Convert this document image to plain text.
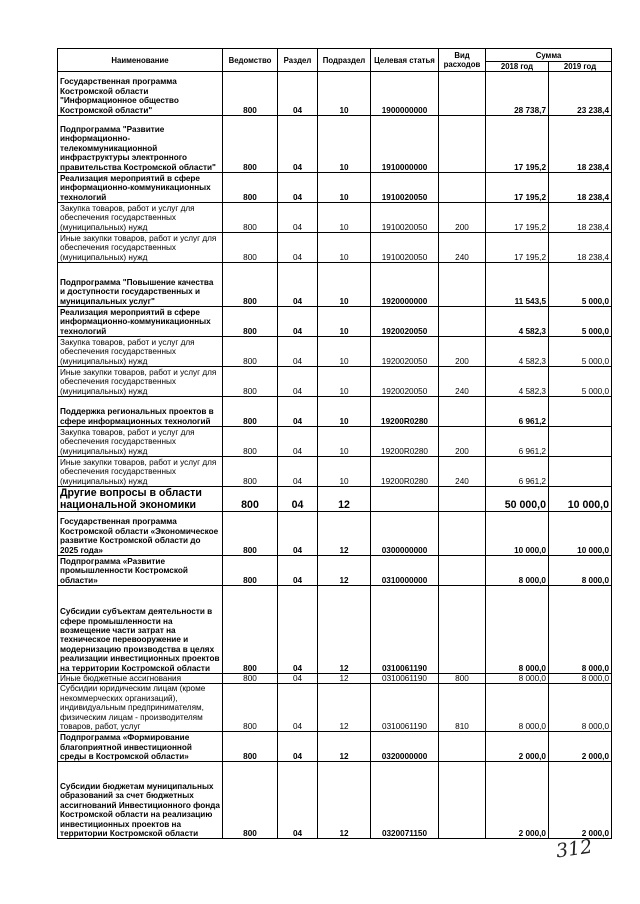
Наименование	Ведомство	Раздел	Подраздел	Целевая статья	Вид расходов	Сумма	
						2018 год	2019 год
Государственная программа Костромской области "Информационное общество Костромской области"	800	04	10	1900000000		28 738,7	23 238,4
Подпрограмма "Развитие информационно-телекоммуникационной инфраструктуры электронного правительства Костромской области"	800	04	10	1910000000		17 195,2	18 238,4
Реализация мероприятий в сфере информационно-коммуникационных технологий	800	04	10	1910020050		17 195,2	18 238,4
Закупка товаров, работ и услуг для обеспечения государственных (муниципальных) нужд	800	04	10	1910020050	200	17 195,2	18 238,4
Иные закупки товаров, работ и услуг для обеспечения государственных (муниципальных) нужд	800	04	10	1910020050	240	17 195,2	18 238,4
Подпрограмма "Повышение качества и доступности государственных и муниципальных услуг"	800	04	10	1920000000		11 543,5	5 000,0
Реализация мероприятий в сфере информационно-коммуникационных технологий	800	04	10	1920020050		4 582,3	5 000,0
Закупка товаров, работ и услуг для обеспечения государственных (муниципальных) нужд	800	04	10	1920020050	200	4 582,3	5 000,0
Иные закупки товаров, работ и услуг для обеспечения государственных (муниципальных) нужд	800	04	10	1920020050	240	4 582,3	5 000,0
Поддержка региональных проектов в сфере информационных технологий	800	04	10	19200R0280		6 961,2	
Закупка товаров, работ и услуг для обеспечения государственных (муниципальных) нужд	800	04	10	19200R0280	200	6 961,2	
Иные закупки товаров, работ и услуг для обеспечения государственных (муниципальных) нужд	800	04	10	19200R0280	240	6 961,2	
Другие вопросы в области национальной экономики	800	04	12			50 000,0	10 000,0
Государственная программа Костромской области «Экономическое развитие Костромской области до 2025 года»	800	04	12	0300000000		10 000,0	10 000,0
Подпрограмма «Развитие промышленности Костромской области»	800	04	12	0310000000		8 000,0	8 000,0
Субсидии субъектам деятельности в сфере промышленности на возмещение части затрат на техническое перевооружение и модернизацию производства в целях реализации инвестиционных проектов на территории Костромской области	800	04	12	0310061190		8 000,0	8 000,0
Иные бюджетные ассигнования	800	04	12	0310061190	800	8 000,0	8 000,0
Субсидии юридическим лицам (кроме некоммерческих организаций), индивидуальным предпринимателям, физическим лицам - производителям товаров, работ, услуг	800	04	12	0310061190	810	8 000,0	8 000,0
Подпрограмма «Формирование благоприятной инвестиционной среды в Костромской области»	800	04	12	0320000000		2 000,0	2 000,0
Субсидии бюджетам муниципальных образований за счет бюджетных ассигнований Инвестиционного фонда Костромской области на реализацию инвестиционных проектов на территории Костромской области	800	04	12	0320071150		2 000,0	2 000,0
312
